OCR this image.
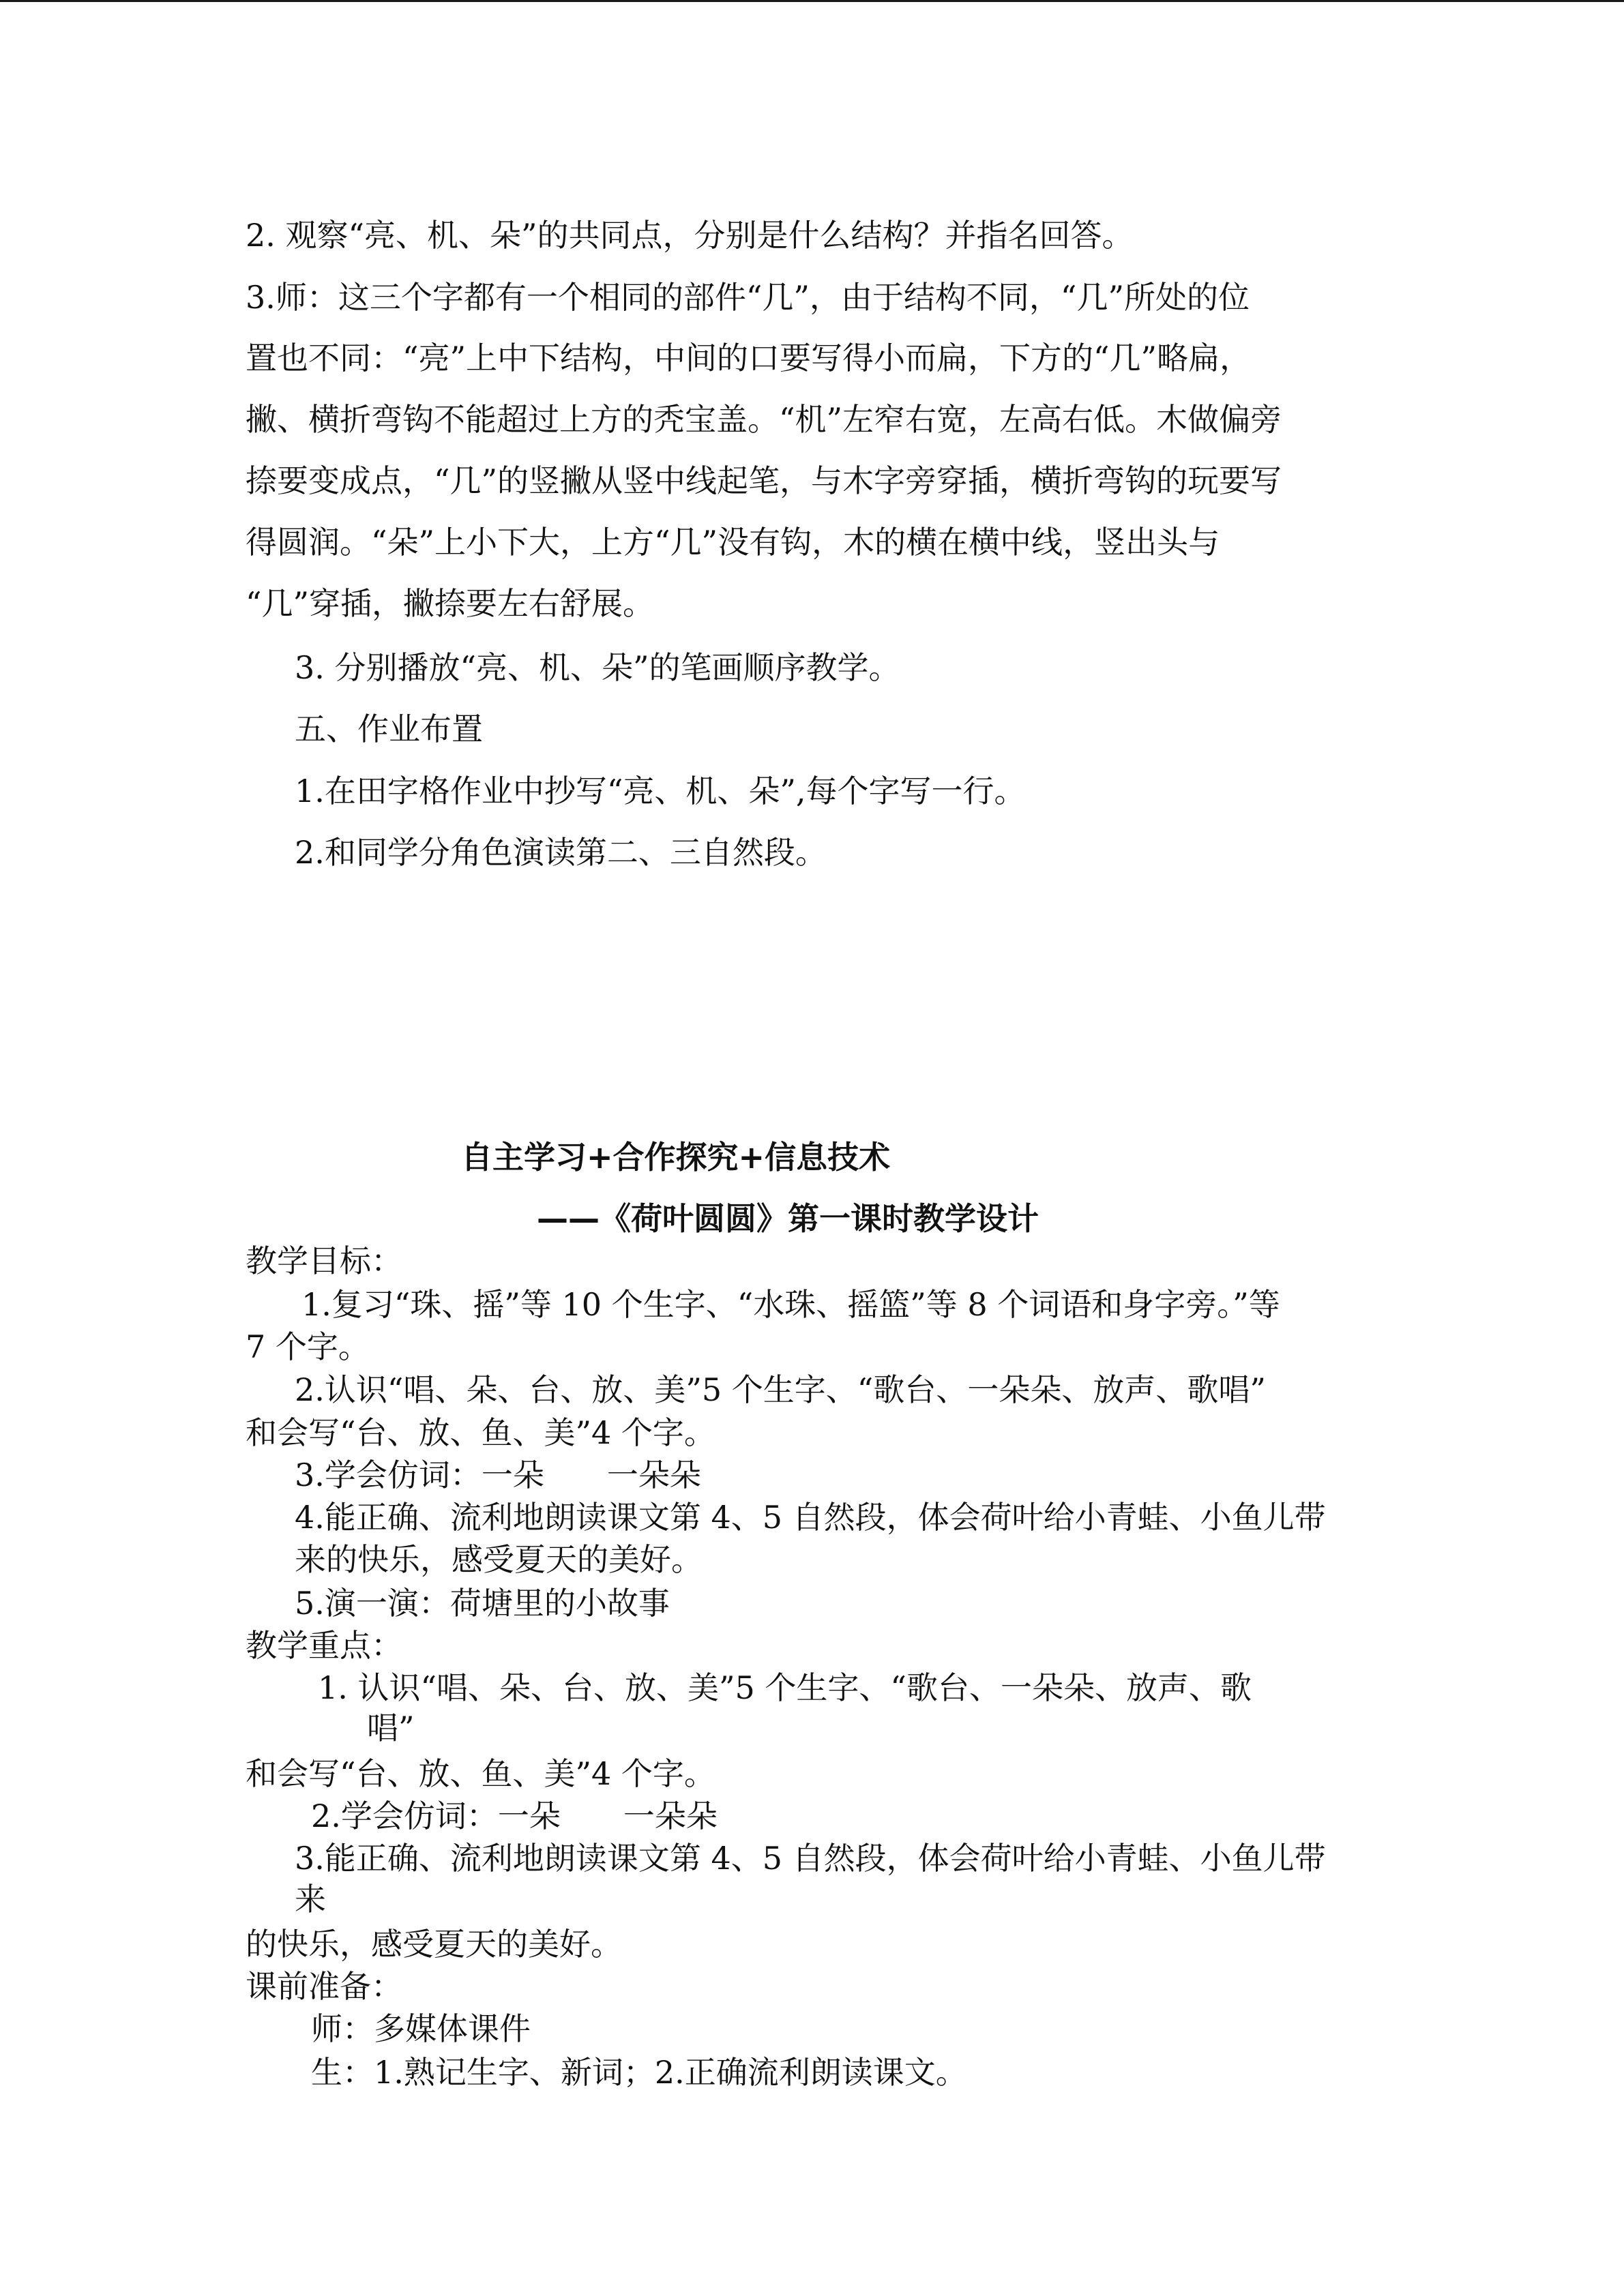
2. 观察“亮、机、朵”的共同点，分别是什么结构？并指名回答。

3.师：这三个字都有一个相同的部件“几”，由于结构不同，“几”所处的位

置也不同：“亮”上中下结构，中间的口要写得小而扁，下方的“几”略扁，

撇、横折弯钩不能超过上方的秃宝盖。“机”左窄右宽，左高右低。木做偏旁

捺要变成点，“几”的竖撇从竖中线起笔，与木字旁穿插，横折弯钩的玩要写

得圆润。“朵”上小下大，上方“几”没有钩，木的横在横中线，竖出头与

“几”穿插，撇捺要左右舒展。

3. 分别播放“亮、机、朵”的笔画顺序教学。

五、作业布置

1.在田字格作业中抄写“亮、机、朵”,每个字写一行。

2.和同学分角色演读第二、三自然段。

自主学习+合作探究+信息技术

——《荷叶圆圆》第一课时教学设计

教学目标：

1.复习“珠、摇”等 10 个生字、“水珠、摇篮”等 8 个词语和身字旁。”等

7 个字。

2.认识“唱、朵、台、放、美”5 个生字、“歌台、一朵朵、放声、歌唱”

和会写“台、放、鱼、美”4 个字。

3.学会仿词：一朵　　一朵朵

4.能正确、流利地朗读课文第 4、5 自然段，体会荷叶给小青蛙、小鱼儿带

来的快乐，感受夏天的美好。

5.演一演：荷塘里的小故事

教学重点：

1. 认识“唱、朵、台、放、美”5 个生字、“歌台、一朵朵、放声、歌

唱”

和会写“台、放、鱼、美”4 个字。

2.学会仿词：一朵　　一朵朵

3.能正确、流利地朗读课文第 4、5 自然段，体会荷叶给小青蛙、小鱼儿带

来

的快乐，感受夏天的美好。

课前准备：

师：多媒体课件

生：1.熟记生字、新词；2.正确流利朗读课文。
